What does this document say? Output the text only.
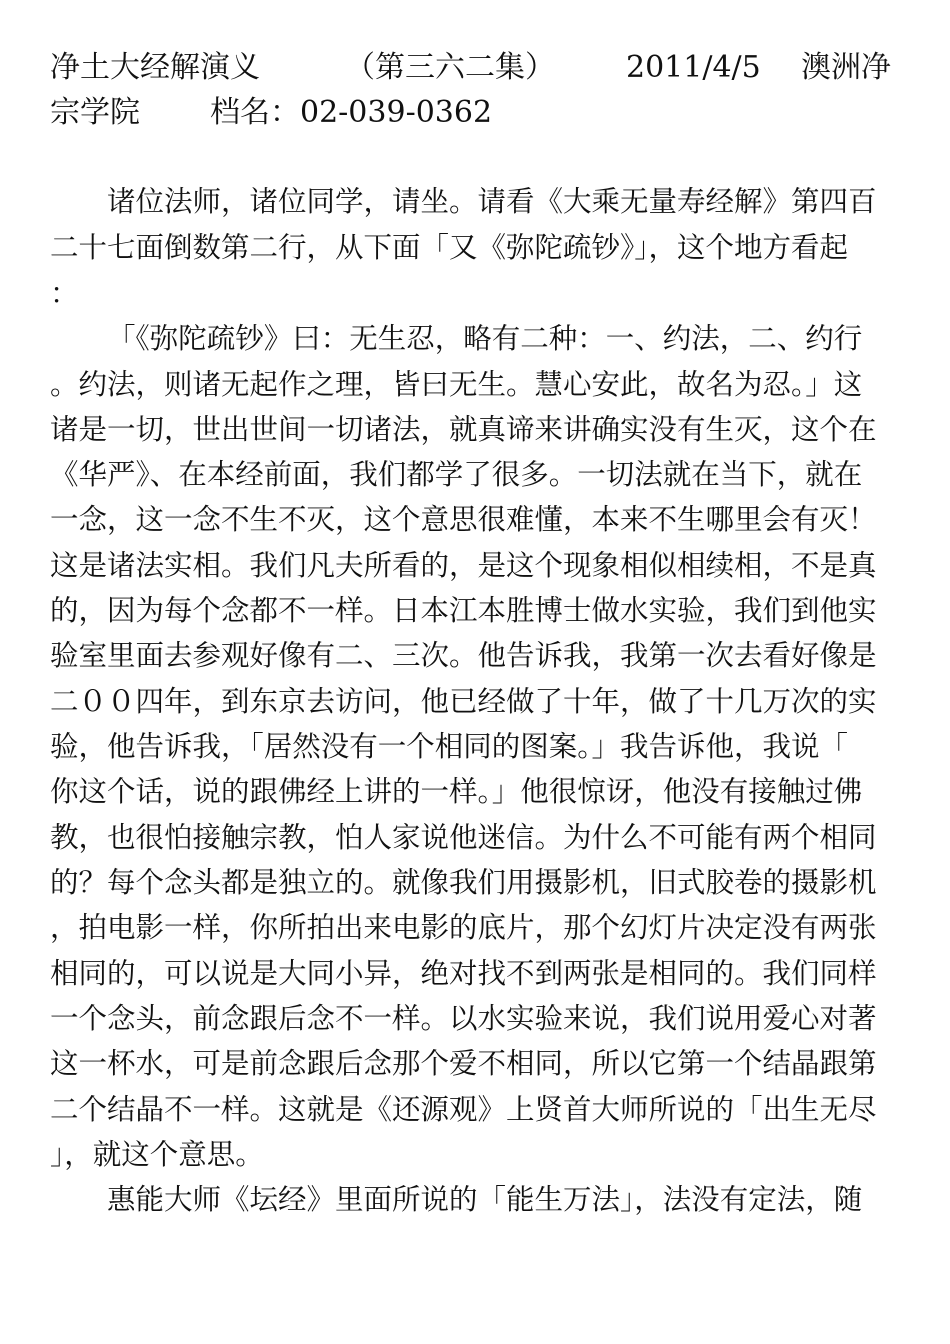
净土大经解演义	（第三六二集） 2011/4/5 澳洲净
宗学院 档名：02-039-0362
诸位法师，诸位同学，请坐。请看《大乘无量寿经解》第四百
二十七面倒数第二行，从下面「又《弥陀疏钞》」，这个地方看起
：
「《弥陀疏钞》曰：无生忍，略有二种：一、约法，二、约行
。约法，则诸无起作之理，皆曰无生。慧心安此，故名为忍。」这
诸是一切，世出世间一切诸法，就真谛来讲确实没有生灭，这个在
《华严》、在本经前面，我们都学了很多。一切法就在当下，就在
一念，这一念不生不灭，这个意思很难懂，本来不生哪里会有灭！
这是诸法实相。我们凡夫所看的，是这个现象相似相续相，不是真
的，因为每个念都不一样。日本江本胜博士做水实验，我们到他实
验室里面去参观好像有二、三次。他告诉我，我第一次去看好像是
二００四年，到东京去访问，他已经做了十年，做了十几万次的实
验，他告诉我，「居然没有一个相同的图案。」我告诉他，我说「
你这个话，说的跟佛经上讲的一样。」他很惊讶，他没有接触过佛
教，也很怕接触宗教，怕人家说他迷信。为什么不可能有两个相同
的？每个念头都是独立的。就像我们用摄影机，旧式胶卷的摄影机
，拍电影一样，你所拍出来电影的底片，那个幻灯片决定没有两张
相同的，可以说是大同小异，绝对找不到两张是相同的。我们同样
一个念头，前念跟后念不一样。以水实验来说，我们说用爱心对著
这一杯水，可是前念跟后念那个爱不相同，所以它第一个结晶跟第
二个结晶不一样。这就是《还源观》上贤首大师所说的「出生无尽
」，就这个意思。
惠能大师《坛经》里面所说的「能生万法」，法没有定法，随
